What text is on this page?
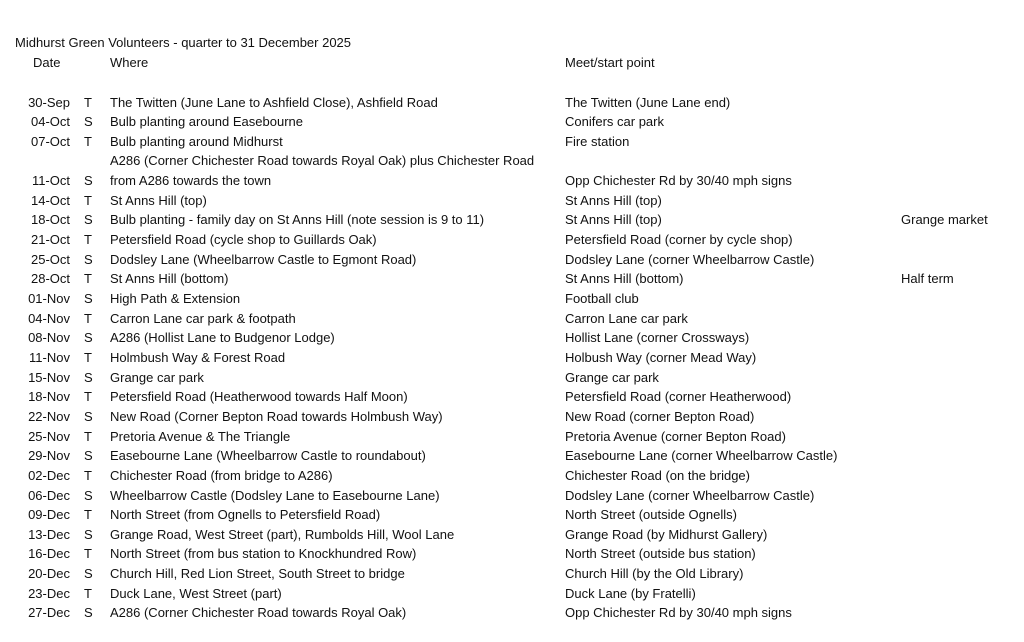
Midhurst Green Volunteers - quarter to 31 December 2025
Date	Where	Meet/start point
30-Sep T The Twitten (June Lane to Ashfield Close), Ashfield Road	The Twitten (June Lane end)
04-Oct S Bulb planting around Easebourne	Conifers car park
07-Oct T Bulb planting around Midhurst	Fire station
A286 (Corner Chichester Road towards Royal Oak) plus Chichester Road
11-Oct S from A286 towards the town	Opp Chichester Rd by 30/40 mph signs
14-Oct T St Anns Hill (top)	St Anns Hill (top)
18-Oct S Bulb planting - family day on St Anns Hill (note session is 9 to 11)	St Anns Hill (top)	Grange market
21-Oct T Petersfield Road (cycle shop to Guillards Oak)	Petersfield Road (corner by cycle shop)
25-Oct S Dodsley Lane (Wheelbarrow Castle to Egmont Road)	Dodsley Lane (corner Wheelbarrow Castle)
28-Oct T St Anns Hill (bottom)	St Anns Hill (bottom)	Half term
01-Nov S High Path & Extension	Football club
04-Nov T Carron Lane car park & footpath	Carron Lane car park
08-Nov S A286 (Hollist Lane to Budgenor Lodge)	Hollist Lane (corner Crossways)
11-Nov T Holmbush Way & Forest Road	Holbush Way (corner Mead Way)
15-Nov S Grange car park	Grange car park
18-Nov T Petersfield Road (Heatherwood towards Half Moon)	Petersfield Road (corner Heatherwood)
22-Nov S New Road (Corner Bepton Road towards Holmbush Way)	New Road (corner Bepton Road)
25-Nov T Pretoria Avenue & The Triangle	Pretoria Avenue (corner Bepton Road)
29-Nov S Easebourne Lane (Wheelbarrow Castle to roundabout)	Easebourne Lane (corner Wheelbarrow Castle)
02-Dec T Chichester Road (from bridge to A286)	Chichester Road (on the bridge)
06-Dec S Wheelbarrow Castle (Dodsley Lane to Easebourne Lane)	Dodsley Lane (corner Wheelbarrow Castle)
09-Dec T North Street (from Ognells to Petersfield Road)	North Street (outside Ognells)
13-Dec S Grange Road, West Street (part), Rumbolds Hill, Wool Lane	Grange Road (by Midhurst Gallery)
16-Dec T North Street (from bus station to Knockhundred Row)	North Street (outside bus station)
20-Dec S Church Hill, Red Lion Street, South Street to bridge	Church Hill (by the Old Library)
23-Dec T Duck Lane, West Street (part)	Duck Lane (by Fratelli)
27-Dec S A286 (Corner Chichester Road towards Royal Oak)	Opp Chichester Rd by 30/40 mph signs
